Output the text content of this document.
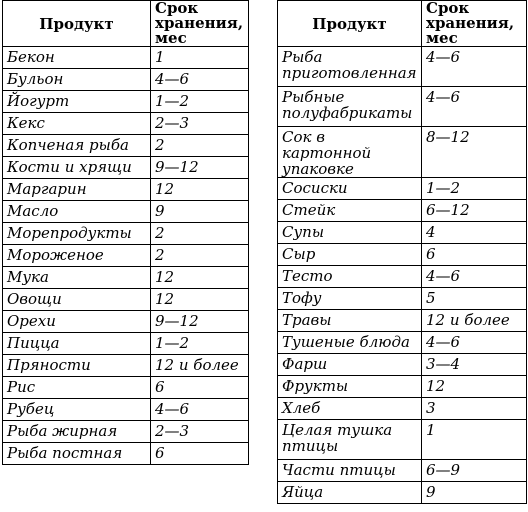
Продукт	Срок хранения, мес
Бекон	1
Бульон	4—6
Йогурт	1—2
Кекс	2—3
Копченая рыба	2
Кости и хрящи	9—12
Маргарин	12
Масло	9
Морепродукты	2
Мороженое	2
Мука	12
Овощи	12
Орехи	9—12
Пицца	1—2
Пряности	12 и более
Рис	6
Рубец	4—6
Рыба жирная	2—3
Рыба постная	6
Продукт	Срок хранения, мес
Рыба приготовленная	4—6
Рыбные полуфабрикаты	4—6
Сок в картонной упаковке	8—12
Сосиски	1—2
Стейк	6—12
Супы	4
Сыр	6
Тесто	4—6
Тофу	5
Травы	12 и более
Тушеные блюда	4—6
Фарш	3—4
Фрукты	12
Хлеб	3
Целая тушка птицы	1
Части птицы	6—9
Яйца	9
